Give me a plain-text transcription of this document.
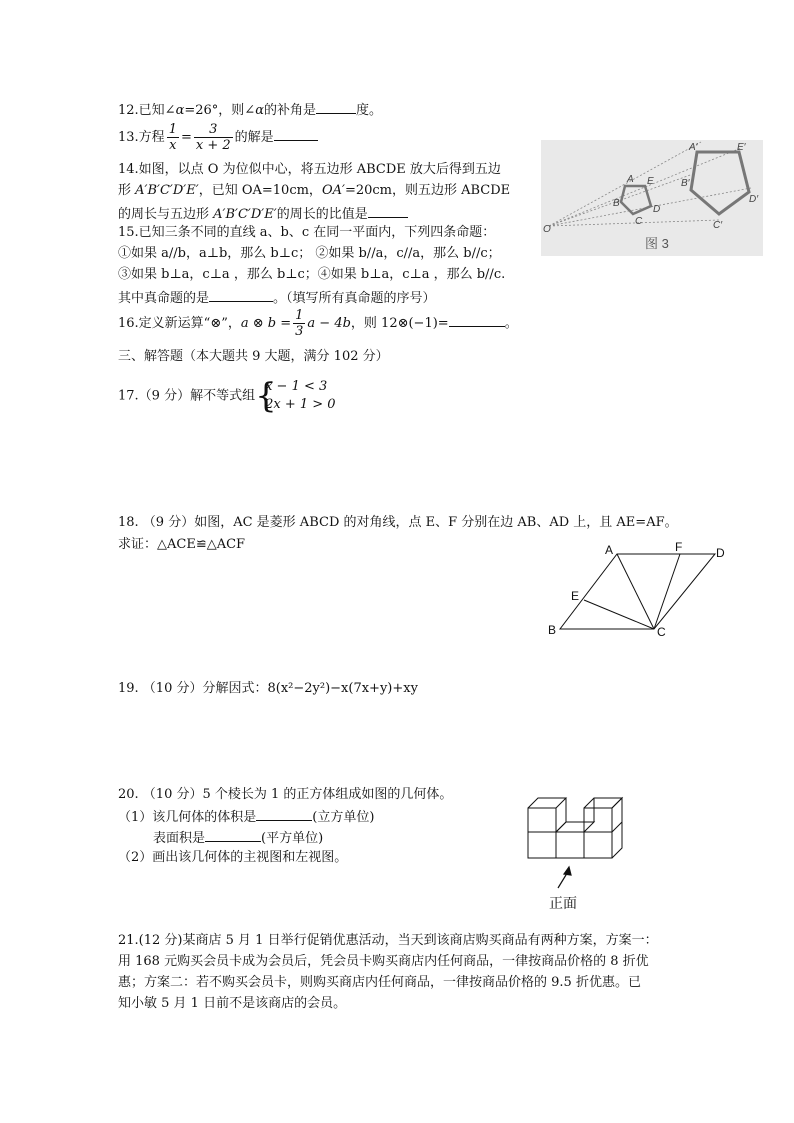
12.已知∠α=26°，则∠α的补角是	度。
13.方程 $\frac{1}{x} = \frac{3}{x + 2}$ 的解是
14.如图，以点 O 为位似中心，将五边形 ABCDE 放大后得到五边
形 A′B′C′D′E′，已知 OA=10cm，OA′=20cm，则五边形 ABCDE
的周长与五边形 A′B′C′D′E′的周长的比值是
O
A
B
C
D
E
A′
B′
C′
D′
E′
图 3
15.已知三条不同的直线 a、b、c 在同一平面内，下列四条命题：
①如果 a//b，a⊥b，那么 b⊥c； ②如果 b//a，c//a，那么 b//c；
③如果 b⊥a，c⊥a ，那么 b⊥c；④如果 b⊥a，c⊥a ，那么 b//c.
其中真命题的是	。（填写所有真命题的序号）
16.定义新运算“⊗”，a ⊗ $b = \frac{1}{3}$ a − 4b，则 12⊗(−1)=	。
三、解答题（本大题共 9 大题，满分 102 分）
17.（9 分）解不等式组 {
x − 1 < 3
2x + 1 > 0
18. （9 分）如图，AC 是菱形 ABCD 的对角线，点 E、F 分别在边 AB、AD 上，且 AE=AF。
求证：△ACE≌△ACF	A
B	C
D
E
F
19. （10 分）分解因式：8(x²−2y²)−x(7x+y)+xy
20. （10 分）5 个棱长为 1 的正方体组成如图的几何体。
（1）该几何体的体积是	(立方单位)
表面积是	(平方单位)
（2）画出该几何体的主视图和左视图。
正面
21.(12 分)某商店 5 月 1 日举行促销优惠活动，当天到该商店购买商品有两种方案，方案一：
用 168 元购买会员卡成为会员后，凭会员卡购买商店内任何商品，一律按商品价格的 8 折优
惠；方案二：若不购买会员卡，则购买商店内任何商品，一律按商品价格的 9.5 折优惠。已
知小敏 5 月 1 日前不是该商店的会员。
